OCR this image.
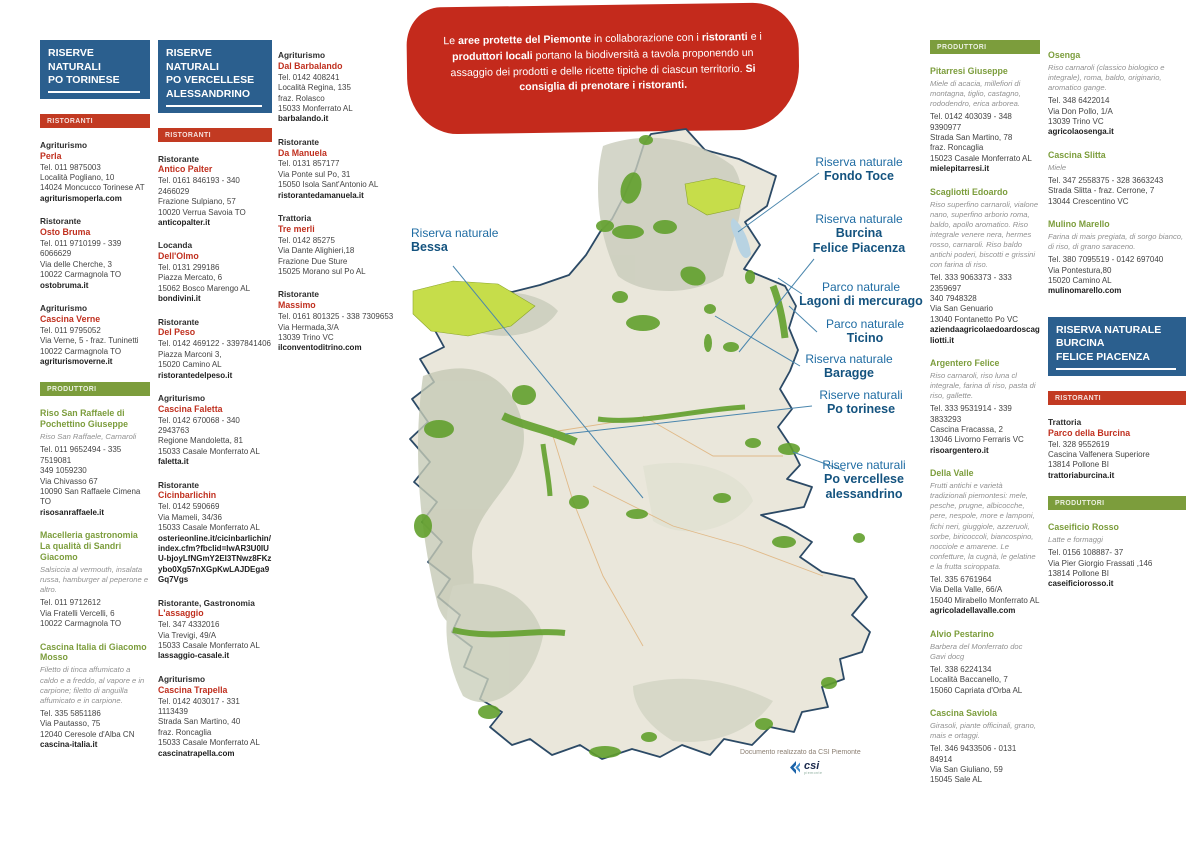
Le aree protette del Piemonte in collaborazione con i ristoranti e i produttori locali portano la biodiversità a tavola proponendo un assaggio dei prodotti e delle ricette tipiche di ciascun territorio. Si consiglia di prenotare i ristoranti.
RISERVE NATURALI
PO TORINESE
RISTORANTI
Agriturismo
Perla
Tel. 011 9875003
Località Pogliano, 10
14024 Moncucco Torinese AT
agriturismoperla.com
Ristorante
Osto Bruma
Tel. 011 9710199 - 339 6066629
Via delle Cherche, 3
10022 Carmagnola TO
ostobruma.it
Agriturismo
Cascina Verne
Tel. 011 9795052
Via Verne, 5 - fraz. Tuninetti
10022 Carmagnola TO
agriturismoverne.it
PRODUTTORI
Riso San Raffaele di Pochettino Giuseppe
Riso San Raffaele, Carnaroli
Tel. 011 9652494 - 335 7519081
349 1059230
Via Chivasso 67
10090 San Raffaele Cimena TO
risosanraffaele.it
Macelleria gastronomia La qualità di Sandri Giacomo
Salsiccia al vermouth, insalata russa, hamburger al peperone e altro.
Tel. 011 9712612
Via Fratelli Vercelli, 6
10022 Carmagnola TO
Cascina Italia di Giacomo Mosso
Filetto di tinca affumicato a caldo e a freddo, al vapore e in carpione; filetto di anguilla affumicato e in carpione.
Tel. 335 5851186
Via Pautasso, 75
12040 Ceresole d'Alba CN
cascina-italia.it
RISERVE NATURALI
PO VERCELLESE
ALESSANDRINO
RISTORANTI
Ristorante
Antico Palter
Tel. 0161 846193 - 340 2466029
Frazione Sulpiano, 57
10020 Verrua Savoia TO
anticopalter.it
Locanda
Dell'Olmo
Tel. 0131 299186
Piazza Mercato, 6
15062 Bosco Marengo AL
bondivini.it
Ristorante
Del Peso
Tel. 0142 469122 - 3397841406
Piazza Marconi 3,
15020 Camino AL
ristorantedelpeso.it
Agriturismo
Cascina Faletta
Tel. 0142 670068 - 340
2943763
Regione Mandoletta, 81
15033 Casale Monferrato AL
faletta.it
Ristorante
Cicinbarlichin
Tel. 0142 590669
Via Mameli, 34/36
15033 Casale Monferrato AL
osterieonline.it/cicinbarlichin/index.cfm?fbclid=IwAR3U0IUU-bjoyLfNGmY2EI3TNwz8FKzybo0Xg57nXGpKwLAJDEga9Gq7Vgs
Ristorante, Gastronomia
L'assaggio
Tel. 347 4332016
Via Trevigi, 49/A
15033 Casale Monferrato AL
lassaggio-casale.it
Agriturismo
Cascina Trapella
Tel. 0142 403017 - 331 1113439
Strada San Martino, 40
fraz. Roncaglia
15033 Casale Monferrato AL
cascinatrapella.com
Agriturismo
Dal Barbalando
Tel. 0142 408241
Località Regina, 135
fraz. Rolasco
15033 Monferrato AL
barbalando.it
Ristorante
Da Manuela
Tel. 0131 857177
Via Ponte sul Po, 31
15050 Isola Sant'Antonio AL
ristorantedamanuela.it
Trattoria
Tre merli
Tel. 0142 85275
Via Dante Alighieri,18
Frazione Due Sture
15025 Morano sul Po AL
Ristorante
Massimo
Tel. 0161 801325 - 338 7309653
Via Hermada,3/A
13039 Trino VC
ilconventoditrino.com
PRODUTTORI
Pitarresi Giuseppe
Miele di acacia, millefiori di montagna, tiglio, castagno, rododendro, erica arborea.
Tel. 0142 403039 - 348 9390977
Strada San Martino, 78
fraz. Roncaglia
15023 Casale Monferrato AL
mielepitarresi.it
Scagliotti Edoardo
Riso superfino carnaroli, vialone nano, superfino arborio roma, baldo, apollo aromatico. Riso integrale venere nera, hermes rosso, carnaroli. Riso baldo antichi poderi, biscotti e grissini con farina di riso.
Tel. 333 9063373 - 333 2359697
340 7948328
Via San Genuario
13040 Fontanetto Po VC
aziendaagricolaedoardoscagliotti.it
Argentero Felice
Riso carnaroli, riso luna cl integrale, farina di riso, pasta di riso, gallette.
Tel. 333 9531914 - 339 3833293
Cascina Fracassa, 2
13046 Livorno Ferraris VC
risoargentero.it
Della Valle
Frutti antichi e varietà tradizionali piemontesi: mele, pesche, prugne, albicocche, pere, nespole, more e lamponi, fichi neri, giuggiole, azzeruoli, sorbe, biricoccoli, biancospino, nocciole e amarene. Le confetture, la cugnà, le gelatine e la frutta sciroppata.
Tel. 335 6761964
Via Della Valle, 66/A
15040 Mirabello Monferrato AL
agricoladellavalle.com
Alvio Pestarino
Barbera del Monferrato doc Gavi docg
Tel. 338 6224134
Località Baccanello, 7
15060 Capriata d'Orba AL
Cascina Saviola
Girasoli, piante officinali, grano, mais e ortaggi.
Tel. 346 9433506 - 0131 84914
Via San Giuliano, 59
15045 Sale AL
Osenga
Riso carnaroli (classico biologico e integrale), roma, baldo, originario, aromatico gange.
Tel. 348 6422014
Via Don Pollo, 1/A
13039 Trino VC
agricolaosenga.it
Cascina Slitta
Miele
Tel. 347 2558375 - 328 3663243
Strada Slitta - fraz. Cerrone, 7
13044 Crescentino VC
Mulino Marello
Farina di mais pregiata, di sorgo bianco, di riso, di grano saraceno.
Tel. 380 7095519 - 0142 697040
Via Pontestura,80
15020 Camino AL
mulinomarello.com
RISERVA NATURALE
BURCINA
FELICE PIACENZA
RISTORANTI
Trattoria
Parco della Burcina
Tel. 328 9552619
Cascina Valfenera Superiore
13814 Pollone BI
trattoriaburcina.it
PRODUTTORI
Caseificio Rosso
Latte e formaggi
Tel. 0156 108887- 37
Via Pier Giorgio Frassati ,146
13814 Pollone BI
caseificiorosso.it
Riserva naturale
Fondo Toce
Riserva naturale
Burcina
Felice Piacenza
Parco naturale
Lagoni di mercurago
Parco naturale
Ticino
Riserva naturale
Baragge
Riserve naturali
Po torinese
Riserve naturali
Po vercellese
alessandrino
Riserva naturale
Bessa
Documento realizzato da CSI Piemonte
csi
piemonte
